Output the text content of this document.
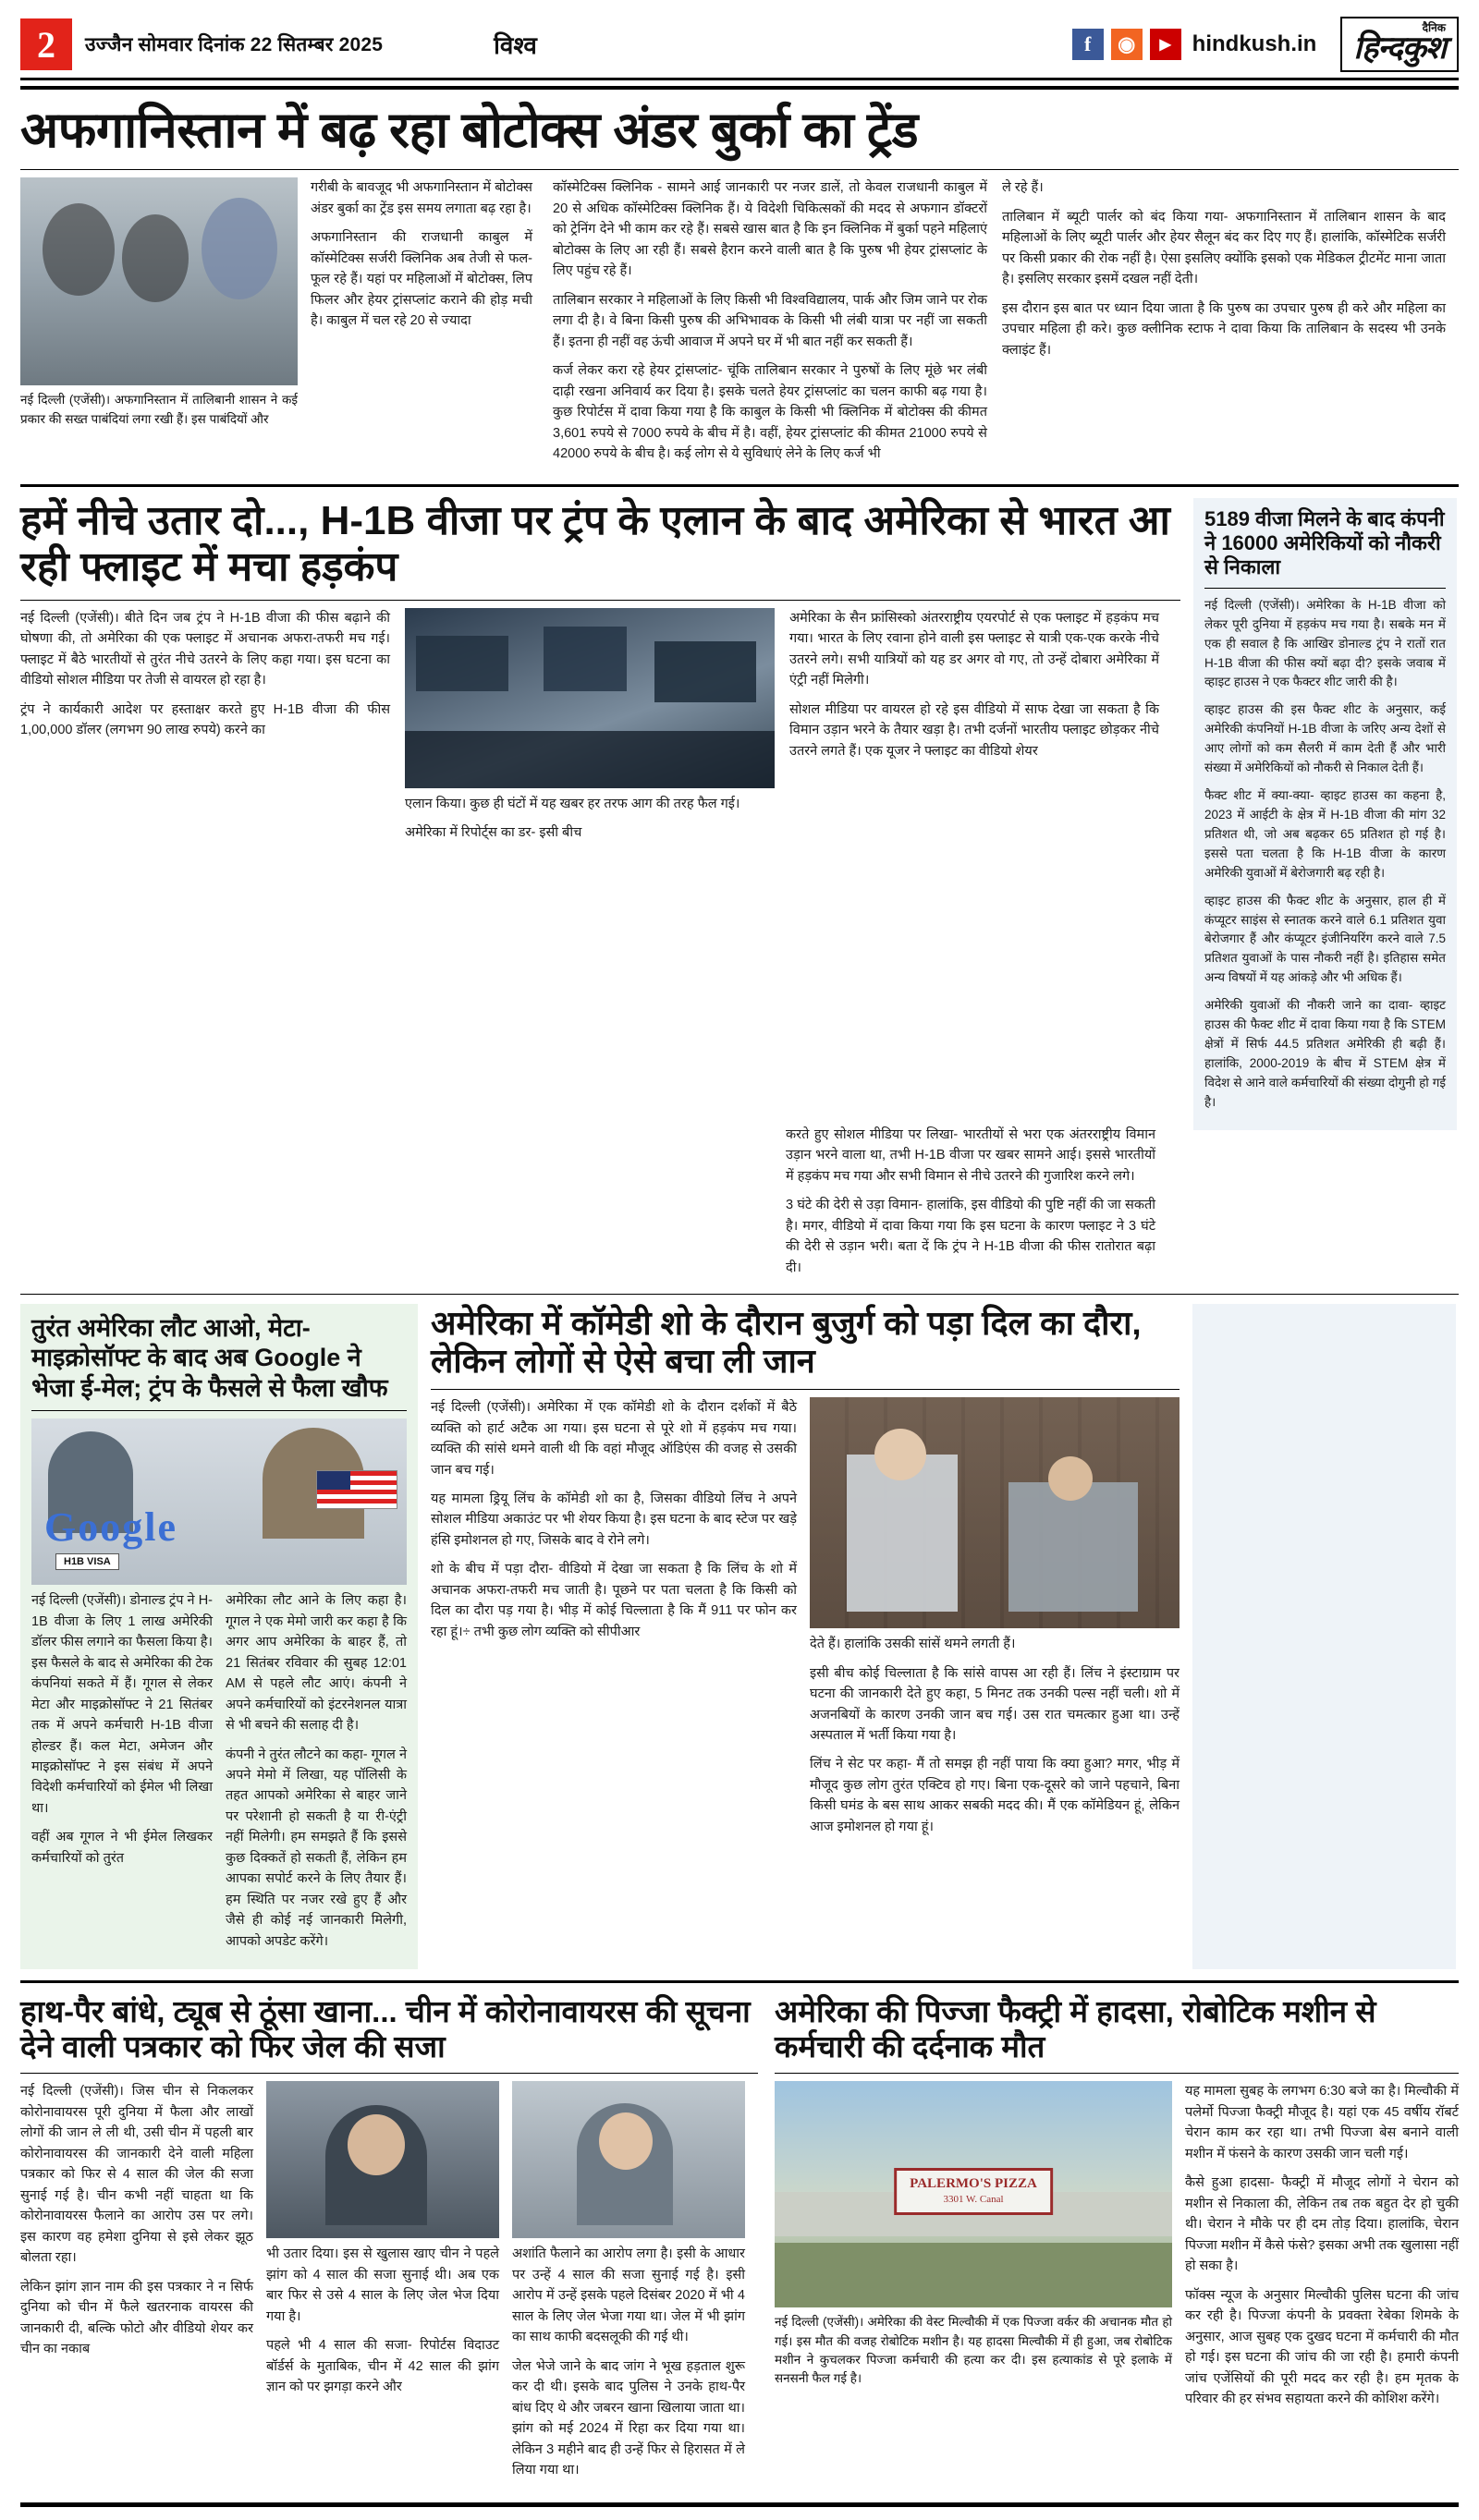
2	उज्जैन सोमवार दिनांक 22 सितम्बर 2025	विश्व	f	◉	▶ hindkush.in
दैनिक
हिन्दकुश
अफगानिस्तान में बढ़ रहा बोटोक्स अंडर बुर्का का ट्रेंड
नई दिल्ली (एजेंसी)। अफगानिस्तान में तालिबानी शासन ने कई प्रकार की सख्त पाबंदियां लगा रखी हैं। इस पाबंदियों और

गरीबी के बावजूद भी अफगानिस्तान में बोटोक्स अंडर बुर्का का ट्रेंड इस समय लगाता बढ़ रहा है।

अफगानिस्तान की राजधानी काबुल में कॉस्मेटिक्स सर्जरी क्लिनिक अब तेजी से फल-फूल रहे हैं। यहां पर महिलाओं में बोटोक्स, लिप फिलर और हेयर ट्रांसप्लांट कराने की होड़ मची है। काबुल में चल रहे 20 से ज्यादा

कॉस्मेटिक्स क्लिनिक - सामने आई जानकारी पर नजर डालें, तो केवल राजधानी काबुल में 20 से अधिक कॉस्मेटिक्स क्लिनिक हैं। ये विदेशी चिकित्सकों की मदद से अफगान डॉक्टरों को ट्रेनिंग देने भी काम कर रहे हैं। सबसे खास बात है कि इन क्लिनिक में बुर्का पहने महिलाएं बोटोक्स के लिए आ रही हैं। सबसे हैरान करने वाली बात है कि पुरुष भी हेयर ट्रांसप्लांट के लिए पहुंच रहे हैं।

तालिबान सरकार ने महिलाओं के लिए किसी भी विश्वविद्यालय, पार्क और जिम जाने पर रोक लगा दी है। वे बिना किसी पुरुष की अभिभावक के किसी भी लंबी यात्रा पर नहीं जा सकती हैं। इतना ही नहीं वह ऊंची आवाज में अपने घर में भी बात नहीं कर सकती हैं।

कर्ज लेकर करा रहे हेयर ट्रांसप्लांट- चूंकि तालिबान सरकार ने पुरुषों के लिए मूंछे भर लंबी दाढ़ी रखना अनिवार्य कर दिया है। इसके चलते हेयर ट्रांसप्लांट का चलन काफी बढ़ गया है। कुछ रिपोर्टस में दावा किया गया है कि काबुल के किसी भी क्लिनिक में बोटोक्स की कीमत 3,601 रुपये से 7000 रुपये के बीच में है। वहीं, हेयर ट्रांसप्लांट की कीमत 21000 रुपये से 42000 रुपये के बीच है। कई लोग से ये सुविधाएं लेने के लिए कर्ज भी

ले रहे हैं।

तालिबान में ब्यूटी पार्लर को बंद किया गया- अफगानिस्तान में तालिबान शासन के बाद महिलाओं के लिए ब्यूटी पार्लर और हेयर सैलून बंद कर दिए गए हैं। हालांकि, कॉस्मेटिक सर्जरी पर किसी प्रकार की रोक नहीं है। ऐसा इसलिए क्योंकि इसको एक मेडिकल ट्रीटमेंट माना जाता है। इसलिए सरकार इसमें दखल नहीं देती।

इस दौरान इस बात पर ध्यान दिया जाता है कि पुरुष का उपचार पुरुष ही करे और महिला का उपचार महिला ही करे। कुछ क्लीनिक स्टाफ ने दावा किया कि तालिबान के सदस्य भी उनके क्लाइंट हैं।

हमें नीचे उतार दो..., H-1B वीजा पर ट्रंप के एलान के बाद अमेरिका से भारत आ रही फ्लाइट में मचा हड़कंप

नई दिल्ली (एजेंसी)। बीते दिन जब ट्रंप ने H-1B वीजा की फीस बढ़ाने की घोषणा की, तो अमेरिका की एक फ्लाइट में अचानक अफरा-तफरी मच गई। फ्लाइट में बैठे भारतीयों से तुरंत नीचे उतरने के लिए कहा गया। इस घटना का वीडियो सोशल मीडिया पर तेजी से वायरल हो रहा है।

ट्रंप ने कार्यकारी आदेश पर हस्ताक्षर करते हुए H-1B वीजा की फीस 1,00,000 डॉलर (लगभग 90 लाख रुपये) करने का

एलान किया। कुछ ही घंटों में यह खबर हर तरफ आग की तरह फैल गई।

अमेरिका में रिपोर्ट्स का डर- इसी बीच

अमेरिका के सैन फ्रांसिस्को अंतरराष्ट्रीय एयरपोर्ट से एक फ्लाइट में हड़कंप मच गया। भारत के लिए रवाना होने वाली इस फ्लाइट से यात्री एक-एक करके नीचे उतरने लगे। सभी यात्रियों को यह डर अगर वो गए, तो उन्हें दोबारा अमेरिका में एंट्री नहीं मिलेगी।

सोशल मीडिया पर वायरल हो रहे इस वीडियो में साफ देखा जा सकता है कि विमान उड़ान भरने के तैयार खड़ा है। तभी दर्जनों भारतीय फ्लाइट छोड़कर नीचे उतरने लगते हैं। एक यूजर ने फ्लाइट का वीडियो शेयर

5189 वीजा मिलने के बाद कंपनी ने 16000 अमेरिकियों को नौकरी से निकाला

नई दिल्ली (एजेंसी)। अमेरिका के H-1B वीजा को लेकर पूरी दुनिया में हड़कंप मच गया है। सबके मन में एक ही सवाल है कि आखिर डोनाल्ड ट्रंप ने रातों रात H-1B वीजा की फीस क्यों बढ़ा दी? इसके जवाब में व्हाइट हाउस ने एक फैक्टर शीट जारी की है।

व्हाइट हाउस की इस फैक्ट शीट के अनुसार, कई अमेरिकी कंपनियों H-1B वीजा के जरिए अन्य देशों से आए लोगों को कम सैलरी में काम देती हैं और भारी संख्या में अमेरिकियों को नौकरी से निकाल देती हैं।

फैक्ट शीट में क्या-क्या- व्हाइट हाउस का कहना है, 2023 में आईटी के क्षेत्र में H-1B वीजा की मांग 32 प्रतिशत थी, जो अब बढ़कर 65 प्रतिशत हो गई है। इससे पता चलता है कि H-1B वीजा के कारण अमेरिकी युवाओं में बेरोजगारी बढ़ रही है।

व्हाइट हाउस की फैक्ट शीट के अनुसार, हाल ही में कंप्यूटर साइंस से स्नातक करने वाले 6.1 प्रतिशत युवा बेरोजगार हैं और कंप्यूटर इंजीनियरिंग करने वाले 7.5 प्रतिशत युवाओं के पास नौकरी नहीं है। इतिहास समेत अन्य विषयों में यह आंकड़े और भी अधिक हैं।

अमेरिकी युवाओं की नौकरी जाने का दावा- व्हाइट हाउस की फैक्ट शीट में दावा किया गया है कि STEM क्षेत्रों में सिर्फ 44.5 प्रतिशत अमेरिकी ही बढ़ी हैं। हालांकि, 2000-2019 के बीच में STEM क्षेत्र में विदेश से आने वाले कर्मचारियों की संख्या दोगुनी हो गई है।

करते हुए सोशल मीडिया पर लिखा- भारतीयों से भरा एक अंतरराष्ट्रीय विमान उड़ान भरने वाला था, तभी H-1B वीजा पर खबर सामने आई। इससे भारतीयों में हड़कंप मच गया और सभी विमान से नीचे उतरने की गुजारिश करने लगे।

3 घंटे की देरी से उड़ा विमान- हालांकि, इस वीडियो की पुष्टि नहीं की जा सकती है। मगर, वीडियो में दावा किया गया कि इस घटना के कारण फ्लाइट ने 3 घंटे की देरी से उड़ान भरी। बता दें कि ट्रंप ने H-1B वीजा की फीस रातोरात बढ़ा दी।

तुरंत अमेरिका लौट आओ, मेटा-माइक्रोसॉफ्ट के बाद अब Google ने भेजा ई-मेल; ट्रंप के फैसले से फैला खौफ
Google
H1B VISA

नई दिल्ली (एजेंसी)। डोनाल्ड ट्रंप ने H-1B वीजा के लिए 1 लाख अमेरिकी डॉलर फीस लगाने का फैसला किया है। इस फैसले के बाद से अमेरिका की टेक कंपनियां सकते में हैं। गूगल से लेकर मेटा और माइक्रोसॉफ्ट ने 21 सितंबर तक में अपने कर्मचारी H-1B वीजा होल्डर हैं। कल मेटा, अमेजन और माइक्रोसॉफ्ट ने इस संबंध में अपने विदेशी कर्मचारियों को ईमेल भी लिखा था।

वहीं अब गूगल ने भी ईमेल लिखकर कर्मचारियों को तुरंत

अमेरिका लौट आने के लिए कहा है। गूगल ने एक मेमो जारी कर कहा है कि अगर आप अमेरिका के बाहर हैं, तो 21 सितंबर रविवार की सुबह 12:01 AM से पहले लौट आएं। कंपनी ने अपने कर्मचारियों को इंटरनेशनल यात्रा से भी बचने की सलाह दी है।

कंपनी ने तुरंत लौटने का कहा- गूगल ने अपने मेमो में लिखा, यह पॉलिसी के तहत आपको अमेरिका से बाहर जाने पर परेशानी हो सकती है या री-एंट्री नहीं मिलेगी। हम समझते हैं कि इससे कुछ दिक्कतें हो सकती हैं, लेकिन हम आपका सपोर्ट करने के लिए तैयार हैं। हम स्थिति पर नजर रखे हुए हैं और जैसे ही कोई नई जानकारी मिलेगी, आपको अपडेट करेंगे।

अमेरिका में कॉमेडी शो के दौरान बुजुर्ग को पड़ा दिल का दौरा, लेकिन लोगों से ऐसे बचा ली जान

नई दिल्ली (एजेंसी)। अमेरिका में एक कॉमेडी शो के दौरान दर्शकों में बैठे व्यक्ति को हार्ट अटैक आ गया। इस घटना से पूरे शो में हड़कंप मच गया। व्यक्ति की सांसे थमने वाली थी कि वहां मौजूद ऑडिएंस की वजह से उसकी जान बच गई।

यह मामला ड्रियू लिंच के कॉमेडी शो का है, जिसका वीडियो लिंच ने अपने सोशल मीडिया अकाउंट पर भी शेयर किया है। इस घटना के बाद स्टेज पर खड़े हंसि इमोशनल हो गए, जिसके बाद वे रोने लगे।

शो के बीच में पड़ा दौरा- वीडियो में देखा जा सकता है कि लिंच के शो में अचानक अफरा-तफरी मच जाती है। पूछने पर पता चलता है कि किसी को दिल का दौरा पड़ गया है। भीड़ में कोई चिल्लाता है कि मैं 911 पर फोन कर रहा हूं।÷ तभी कुछ लोग व्यक्ति को सीपीआर

देते हैं। हालांकि उसकी सांसें थमने लगती हैं।

इसी बीच कोई चिल्लाता है कि सांसे वापस आ रही हैं। लिंच ने इंस्टाग्राम पर घटना की जानकारी देते हुए कहा, 5 मिनट तक उनकी पल्स नहीं चली। शो में अजनबियों के कारण उनकी जान बच गई। उस रात चमत्कार हुआ था। उन्हें अस्पताल में भर्ती किया गया है।

लिंच ने सेट पर कहा- मैं तो समझ ही नहीं पाया कि क्या हुआ? मगर, भीड़ में मौजूद कुछ लोग तुरंत एक्टिव हो गए। बिना एक-दूसरे को जाने पहचाने, बिना किसी घमंड के बस साथ आकर सबकी मदद की। मैं एक कॉमेडियन हूं, लेकिन आज इमोशनल हो गया हूं।

हाथ-पैर बांधे, ट्यूब से ठूंसा खाना... चीन में कोरोनावायरस की सूचना देने वाली पत्रकार को फिर जेल की सजा

नई दिल्ली (एजेंसी)। जिस चीन से निकलकर कोरोनावायरस पूरी दुनिया में फैला और लाखों लोगों की जान ले ली थी, उसी चीन में पहली बार कोरोनावायरस की जानकारी देने वाली महिला पत्रकार को फिर से 4 साल की जेल की सजा सुनाई गई है। चीन कभी नहीं चाहता था कि कोरोनावायरस फैलाने का आरोप उस पर लगे। इस कारण वह हमेशा दुनिया से इसे लेकर झूठ बोलता रहा।

लेकिन झांग ज्ञान नाम की इस पत्रकार ने न सिर्फ दुनिया को चीन में फैले खतरनाक वायरस की जानकारी दी, बल्कि फोटो और वीडियो शेयर कर चीन का नकाब

भी उतार दिया। इस से खुलास खाए चीन ने पहले झांग को 4 साल की सजा सुनाई थी। अब एक बार फिर से उसे 4 साल के लिए जेल भेज दिया गया है।

पहले भी 4 साल की सजा- रिपोर्टस विदाउट बॉर्डर्स के मुताबिक, चीन में 42 साल की झांग ज्ञान को पर झगड़ा करने और

अशांति फैलाने का आरोप लगा है। इसी के आधार पर उन्हें 4 साल की सजा सुनाई गई है। इसी आरोप में उन्हें इसके पहले दिसंबर 2020 में भी 4 साल के लिए जेल भेजा गया था। जेल में भी झांग का साथ काफी बदसलूकी की गई थी।

जेल भेजे जाने के बाद जांग ने भूख हड़ताल शुरू कर दी थी। इसके बाद पुलिस ने उनके हाथ-पैर बांध दिए थे और जबरन खाना खिलाया जाता था। झांग को मई 2024 में रिहा कर दिया गया था। लेकिन 3 महीने बाद ही उन्हें फिर से हिरासत में ले लिया गया था।

अमेरिका की पिज्जा फैक्ट्री में हादसा, रोबोटिक मशीन से कर्मचारी की दर्दनाक मौत
PALERMO'S PIZZA
3301 W. Canal
नई दिल्ली (एजेंसी)। अमेरिका की वेस्ट मिल्वौकी में एक पिज्जा वर्कर की अचानक मौत हो गई। इस मौत की वजह रोबोटिक मशीन है। यह हादसा मिल्वौकी में ही हुआ, जब रोबोटिक मशीन ने कुचलकर पिज्जा कर्मचारी की हत्या कर दी। इस हत्याकांड से पूरे इलाके में सनसनी फैल गई है।

यह मामला सुबह के लगभग 6:30 बजे का है। मिल्वौकी में पलेर्मो पिज्जा फैक्ट्री मौजूद है। यहां एक 45 वर्षीय रॉबर्ट चेरान काम कर रहा था। तभी पिज्जा बेस बनाने वाली मशीन में फंसने के कारण उसकी जान चली गई।

कैसे हुआ हादसा- फैक्ट्री में मौजूद लोगों ने चेरान को मशीन से निकाला की, लेकिन तब तक बहुत देर हो चुकी थी। चेरान ने मौके पर ही दम तोड़ दिया। हालांकि, चेरान पिज्जा मशीन में कैसे फंसे? इसका अभी तक खुलासा नहीं हो सका है।

फॉक्स न्यूज के अनुसार मिल्वौकी पुलिस घटना की जांच कर रही है। पिज्जा कंपनी के प्रवक्ता रेबेका शिमके के अनुसार, आज सुबह एक दुखद घटना में कर्मचारी की मौत हो गई। इस घटना की जांच की जा रही है। हमारी कंपनी जांच एजेंसियों की पूरी मदद कर रही है। हम मृतक के परिवार की हर संभव सहायता करने की कोशिश करेंगे।
